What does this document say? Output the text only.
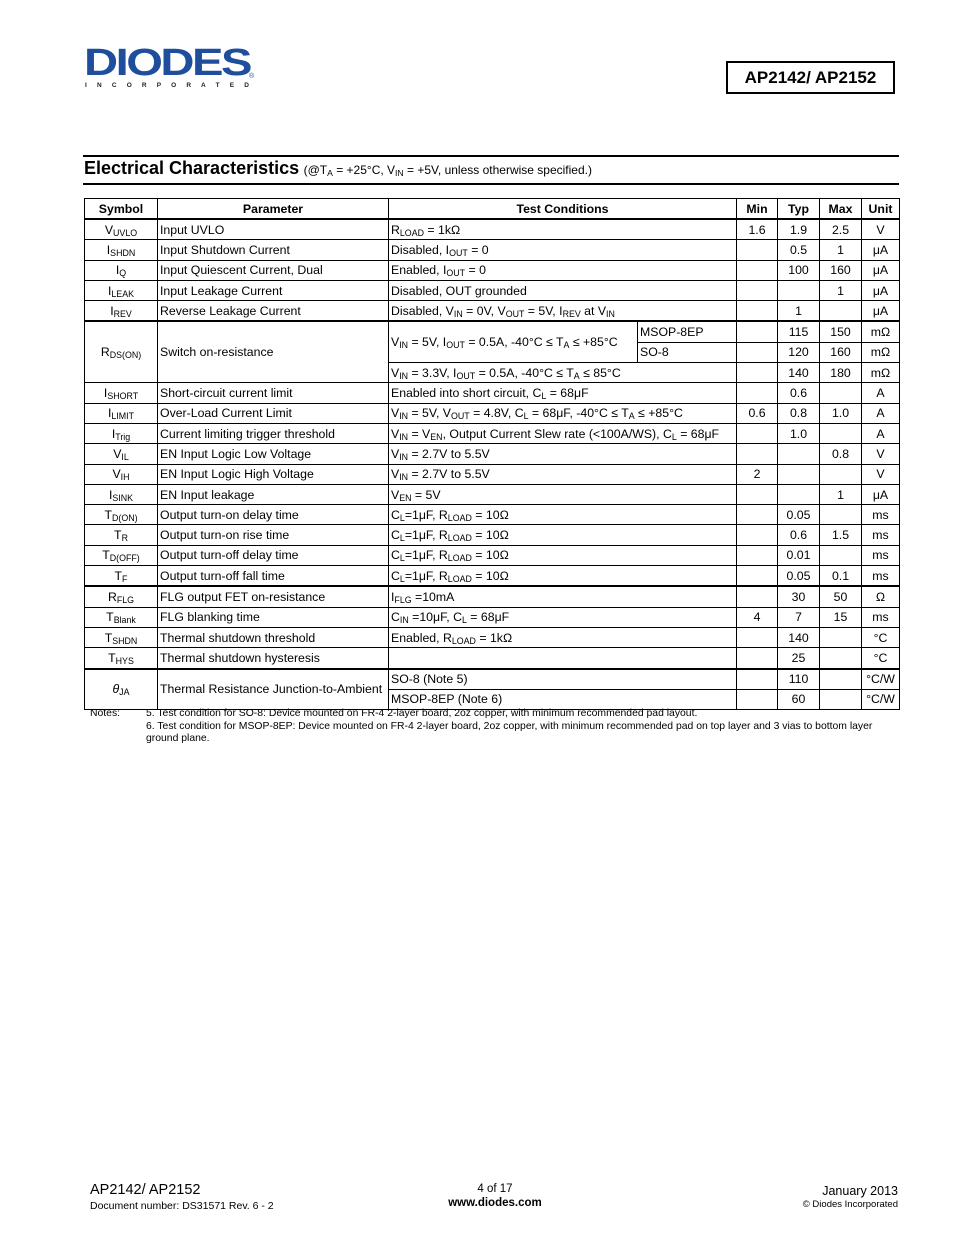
DIODES
®
I N C O R P O R A T E D	AP2142/ AP2152
Electrical Characteristics ($@T_A = +25^\circ C$, $V_{IN} = +5V$, unless otherwise specified.)
Symbol	Parameter	Test Conditions		Min	Typ	Max	Unit
$V_{UVLO}$	Input UVLO	$R_{LOAD} = 1k\Omega$		1.6	1.9	2.5	V
$I_{SHDN}$	Input Shutdown Current	Disabled, $I_{OUT} = 0$			0.5	1	μA
$I_Q$	Input Quiescent Current, Dual	Enabled, $I_{OUT} = 0$			100	160	μA
$I_{LEAK}$	Input Leakage Current	Disabled, OUT grounded				1	μA
$I_{REV}$	Reverse Leakage Current	Disabled, $V_{IN} = 0V$, $V_{OUT} = 5V$, $I_{REV}$ at $V_{IN}$			1		μA
$R_{DS(ON)}$	Switch on-resistance	$V_{IN} = 5V$, $I_{OUT} = 0.5A$, $-40^\circ C \le T_A \le +85^\circ C$	MSOP-8EP		115	150	mΩ
			SO-8		120	160	mΩ
		$V_{IN} = 3.3V$, $I_{OUT} = 0.5A$, $-40^\circ C \le T_A \le 85^\circ C$			140	180	mΩ
$I_{SHORT}$	Short-circuit current limit	Enabled into short circuit, $C_L = 68\mu F$			0.6		A
$I_{LIMIT}$	Over-Load Current Limit	$V_{IN} = 5V$, $V_{OUT} = 4.8V$, $C_L = 68\mu F$, $-40^\circ C \le T_A \le +85^\circ C$		0.6	0.8	1.0	A
$I_{Trig}$	Current limiting trigger threshold	$V_{IN} = V_{EN}$, Output Current Slew rate (<100A/WS), $C_L = 68\mu F$			1.0		A
$V_{IL}$	EN Input Logic Low Voltage	$V_{IN} = 2.7V$ to 5.5V				0.8	V
$V_{IH}$	EN Input Logic High Voltage	$V_{IN} = 2.7V$ to 5.5V		2			V
$I_{SINK}$	EN Input leakage	$V_{EN} = 5V$				1	μA
$T_{D(ON)}$	Output turn-on delay time	$C_L=1\mu F$, $R_{LOAD} = 10\Omega$			0.05		ms
$T_R$	Output turn-on rise time	$C_L=1\mu F$, $R_{LOAD} = 10\Omega$			0.6	1.5	ms
$T_{D(OFF)}$	Output turn-off delay time	$C_L=1\mu F$, $R_{LOAD} = 10\Omega$			0.01		ms
$T_F$	Output turn-off fall time	$C_L=1\mu F$, $R_{LOAD} = 10\Omega$			0.05	0.1	ms
$R_{FLG}$	FLG output FET on-resistance	$I_{FLG} =10mA$			30	50	Ω
$T_{Blank}$	FLG blanking time	$C_{IN} =10\mu F$, $C_L = 68\mu F$		4	7	15	ms
$T_{SHDN}$	Thermal shutdown threshold	Enabled, $R_{LOAD} = 1k\Omega$			140		°C
$T_{HYS}$	Thermal shutdown hysteresis				25		°C
$\theta_{JA}$	Thermal Resistance Junction-to-Ambient	SO-8 (Note 5)			110		°C/W
		MSOP-8EP (Note 6)			60		°C/W
Notes: 5. Test condition for SO-8: Device mounted on FR-4 2-layer board, 2oz copper, with minimum recommended pad layout.
6. Test condition for MSOP-8EP: Device mounted on FR-4 2-layer board, 2oz copper, with minimum recommended pad on top layer and 3 vias to bottom layer ground plane.
AP2142/ AP2152
Document number: DS31571 Rev. 6 - 2
4 of 17
www.diodes.com
January 2013
© Diodes Incorporated
